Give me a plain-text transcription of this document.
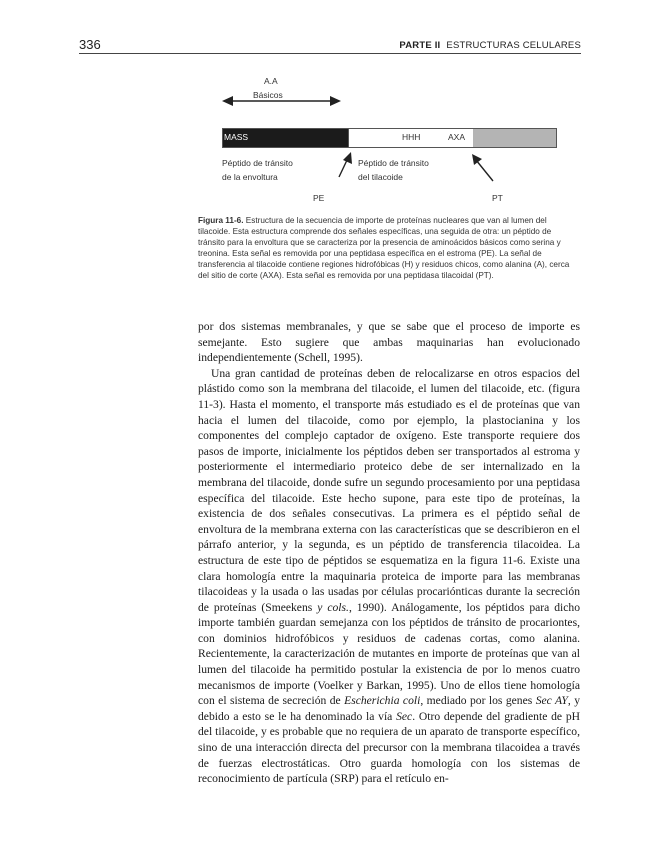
336	PARTE II ESTRUCTURAS CELULARES
A.A
Básicos
MASS	HHH	AXA
Péptido de tránsito
de la envoltura
Péptido de tránsito
del tilacoide
PE	PT
Figura 11-6. Estructura de la secuencia de importe de proteínas nucleares que van al lumen del tilacoide. Esta estructura comprende dos señales específicas, una seguida de otra: un péptido de tránsito para la envoltura que se caracteriza por la presencia de aminoácidos básicos como serina y treonina. Esta señal es removida por una peptidasa específica en el estroma (PE). La señal de transferencia al tilacoide contiene regiones hidrofóbicas (H) y residuos chicos, como alanina (A), cerca del sitio de corte (AXA). Esta señal es removida por una peptidasa tilacoidal (PT).

por dos sistemas membranales, y que se sabe que el proceso de importe es semejante. Esto sugiere que ambas maquinarias han evolucionado independientemente (Schell, 1995).

Una gran cantidad de proteínas deben de relocalizarse en otros espacios del plástido como son la membrana del tilacoide, el lumen del tilacoide, etc. (figura 11-3). Hasta el momento, el transporte más estudiado es el de proteínas que van hacia el lumen del tilacoide, como por ejemplo, la plastocianina y los componentes del complejo captador de oxígeno. Este transporte requiere dos pasos de importe, inicialmente los péptidos deben ser transportados al estroma y posteriormente el intermediario proteico debe de ser internalizado en la membrana del tilacoide, donde sufre un segundo procesamiento por una peptidasa específica del tilacoide. Este hecho supone, para este tipo de proteínas, la existencia de dos señales consecutivas. La primera es el péptido señal de envoltura de la membrana externa con las características que se describieron en el párrafo anterior, y la segunda, es un péptido de transferencia tilacoidea. La estructura de este tipo de péptidos se esquematiza en la figura 11-6. Existe una clara homología entre la maquinaria proteica de importe para las membranas tilacoideas y la usada o las usadas por células procariónticas durante la secreción de proteínas (Smeekens y cols., 1990). Análogamente, los péptidos para dicho importe también guardan semejanza con los péptidos de tránsito de procariontes, con dominios hidrofóbicos y residuos de cadenas cortas, como alanina. Recientemente, la caracterización de mutantes en importe de proteínas que van al lumen del tilacoide ha permitido postular la existencia de por lo menos cuatro mecanismos de importe (Voelker y Barkan, 1995). Uno de ellos tiene homología con el sistema de secreción de Escherichia coli, mediado por los genes Sec AY, y debido a esto se le ha denominado la vía Sec. Otro depende del gradiente de pH del tilacoide, y es probable que no requiera de un aparato de transporte específico, sino de una interacción directa del precursor con la membrana tilacoidea a través de fuerzas electrostáticas. Otro guarda homología con los sistemas de reconocimiento de partícula (SRP) para el retículo en-
